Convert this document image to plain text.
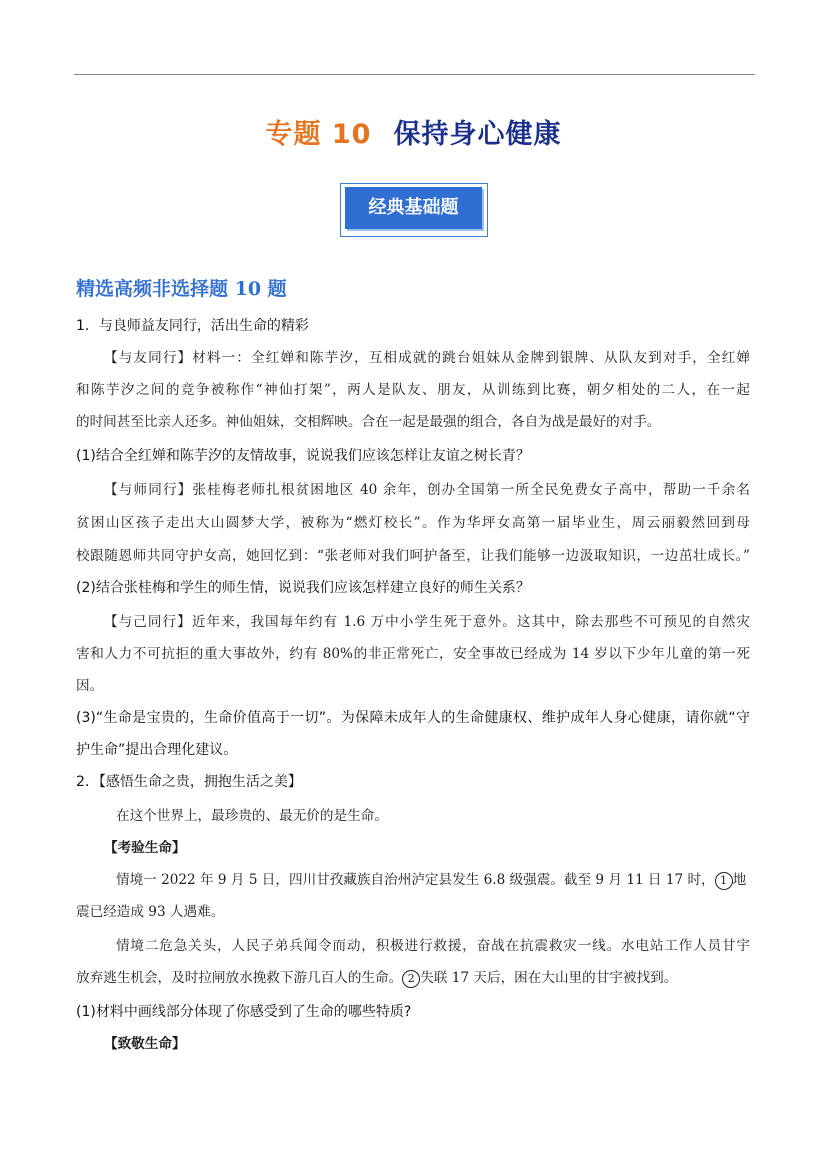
专题 10 保持身心健康
经典基础题
精选高频非选择题 10 题
1．与良师益友同行，活出生命的精彩
【与友同行】材料一：全红婵和陈芋汐，互相成就的跳台姐妹从金牌到银牌、从队友到对手，全红婵
和陈芋汐之间的竞争被称作“神仙打架”，两人是队友、朋友，从训练到比赛，朝夕相处的二人，在一起
的时间甚至比亲人还多。神仙姐妹，交相辉映。合在一起是最强的组合，各自为战是最好的对手。
(1)结合全红婵和陈芋汐的友情故事，说说我们应该怎样让友谊之树长青？
【与师同行】张桂梅老师扎根贫困地区 40 余年，创办全国第一所全民免费女子高中，帮助一千余名
贫困山区孩子走出大山圆梦大学，被称为“燃灯校长”。作为华坪女高第一届毕业生，周云丽毅然回到母
校跟随恩师共同守护女高，她回忆到：“张老师对我们呵护备至，让我们能够一边汲取知识，一边茁壮成长。”
(2)结合张桂梅和学生的师生情，说说我们应该怎样建立良好的师生关系？
【与己同行】近年来，我国每年约有 1.6 万中小学生死于意外。这其中，除去那些不可预见的自然灾
害和人力不可抗拒的重大事故外，约有 80%的非正常死亡，安全事故已经成为 14 岁以下少年儿童的第一死
因。
(3)“生命是宝贵的，生命价值高于一切”。为保障未成年人的生命健康权、维护成年人身心健康，请你就“守
护生命”提出合理化建议。
2．【感悟生命之贵，拥抱生活之美】
在这个世界上，最珍贵的、最无价的是生命。
【考验生命】
情境一 2022 年 9 月 5 日，四川甘孜藏族自治州泸定县发生 6.8 级强震。截至 9 月 11 日 17 时， 1 地
震已经造成 93 人遇难。
情境二危急关头，人民子弟兵闻令而动，积极进行救援，奋战在抗震救灾一线。水电站工作人员甘宇
放弃逃生机会，及时拉闸放水挽救下游几百人的生命。 2 失联 17 天后，困在大山里的甘宇被找到。
(1)材料中画线部分体现了你感受到了生命的哪些特质?
【致敬生命】
